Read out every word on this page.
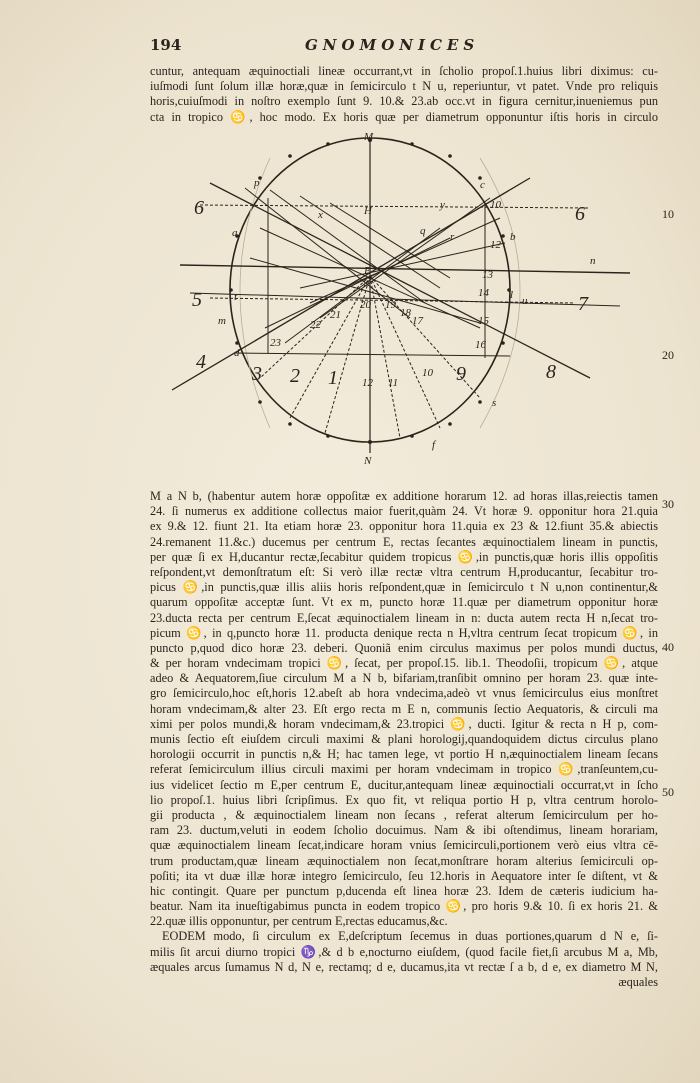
194	GNOMONICES
cuntur, antequam æquinoctiali lineæ occurrant,vt in ſcholio propoſ.1.huius libri diximus: cu-
iuſmodi ſunt ſolum illæ horæ,quæ in ſemicirculo t N u, reperiuntur, vt patet. Vnde pro reliquis
horis,cuiuſmodi in noſtro exemplo ſunt 9. 10.& 23.ab occ.vt in figura cernitur,inueniemus pun
cta in tropico ♋, hoc modo. Ex horis quæ per diametrum opponuntur iſtis horis in circulo
10
20
30
40
50
6	6
5	7
4	8
M
N
H
E
a	b
c
d
f
l
m
n
p
t	u
x
y
q r
s
10
12
13
14
15
16
23
22
21
20 19
18
17
3 2 1 12 11
10 9
M a N b, (habentur autem horæ oppoſitæ ex additione horarum 12. ad horas illas,reiectis tamen
24. ſi numerus ex additione collectus maior fuerit,quàm 24. Vt horæ 9. opponitur hora 21.quia
ex 9.& 12. fiunt 21. Ita etiam horæ 23. opponitur hora 11.quia ex 23 & 12.fiunt 35.& abiectis
24.remanent 11.&c.) ducemus per centrum E, rectas ſecantes æquinoctialem lineam in punctis,
per quæ ſi ex H,ducantur rectæ,ſecabitur quidem tropicus ♋,in punctis,quæ horis illis oppoſitis
reſpondent,vt demonſtratum eſt: Si verò illæ rectæ vltra centrum H,producantur, ſecabitur tro-
picus ♋,in punctis,quæ illis aliis horis reſpondent,quæ in ſemicirculo t N u,non continentur,&
quarum oppoſitæ acceptæ ſunt. Vt ex m, puncto horæ 11.quæ per diametrum opponitur horæ
23.ducta recta per centrum E,ſecat æquinoctialem lineam in n: ducta autem recta H n,ſecat tro-
picum ♋, in q,puncto horæ 11. producta denique recta n H,vltra centrum ſecat tropicum ♋, in
puncto p,quod dico horæ 23. deberi. Quoniã enim circulus maximus per polos mundi ductus,
& per horam vndecimam tropici ♋, ſecat, per propoſ.15. lib.1. Theodoſii, tropicum ♋, atque
adeo & Aequatorem,ſiue circulum M a N b, bifariam,tranſibit omnino per horam 23. quæ inte-
gro ſemicirculo,hoc eſt,horis 12.abeſt ab hora vndecima,adeò vt vnus ſemicirculus eius monſtret
horam vndecimam,& alter 23. Eſt ergo recta m E n, communis ſectio Aequatoris, & circuli ma
ximi per polos mundi,& horam vndecimam,& 23.tropici ♋, ducti. Igitur & recta n H p, com-
munis ſectio eſt eiuſdem circuli maximi & plani horologij,quandoquidem dictus circulus plano
horologii occurrit in punctis n,& H; hac tamen lege, vt portio H n,æquinoctialem lineam ſecans
referat ſemicirculum illius circuli maximi per horam vndecimam in tropico ♋,tranſeuntem,cu-
ius videlicet ſectio m E,per centrum E, ducitur,antequam lineæ æquinoctiali occurrat,vt in ſcho
lio propoſ.1. huius libri ſcripſimus. Ex quo fit, vt reliqua portio H p, vltra centrum horolo-
gii producta , & æquinoctialem lineam non ſecans , referat alterum ſemicirculum per ho-
ram 23. ductum,veluti in eodem ſcholio docuimus. Nam & ibi oſtendimus, lineam horariam,
quæ æquinoctialem lineam ſecat,indicare horam vnius ſemicirculi,portionem verò eius vltra cē-
trum productam,quæ lineam æquinoctialem non ſecat,monſtrare horam alterius ſemicirculi op-
poſiti; ita vt duæ illæ horæ integro ſemicirculo, ſeu 12.horis in Aequatore inter ſe diſtent, vt &
hic contingit. Quare per punctum p,ducenda eſt linea horæ 23. Idem de cæteris iudicium ha-
beatur. Nam ita inueſtigabimus puncta in eodem tropico ♋, pro horis 9.& 10. ſi ex horis 21. &
22.quæ illis opponuntur, per centrum E,rectas educamus,&c.
EODEM modo, ſi circulum ex E,deſcriptum ſecemus in duas portiones,quarum d N e, ſi-
milis ſit arcui diurno tropici ♑,& d b e,nocturno eiuſdem, (quod facile fiet,ſi arcubus M a, Mb,
æquales arcus ſumamus N d, N e, rectamq; d e, ducamus,ita vt rectæ ſ a b, d e, ex diametro M N,
æquales
